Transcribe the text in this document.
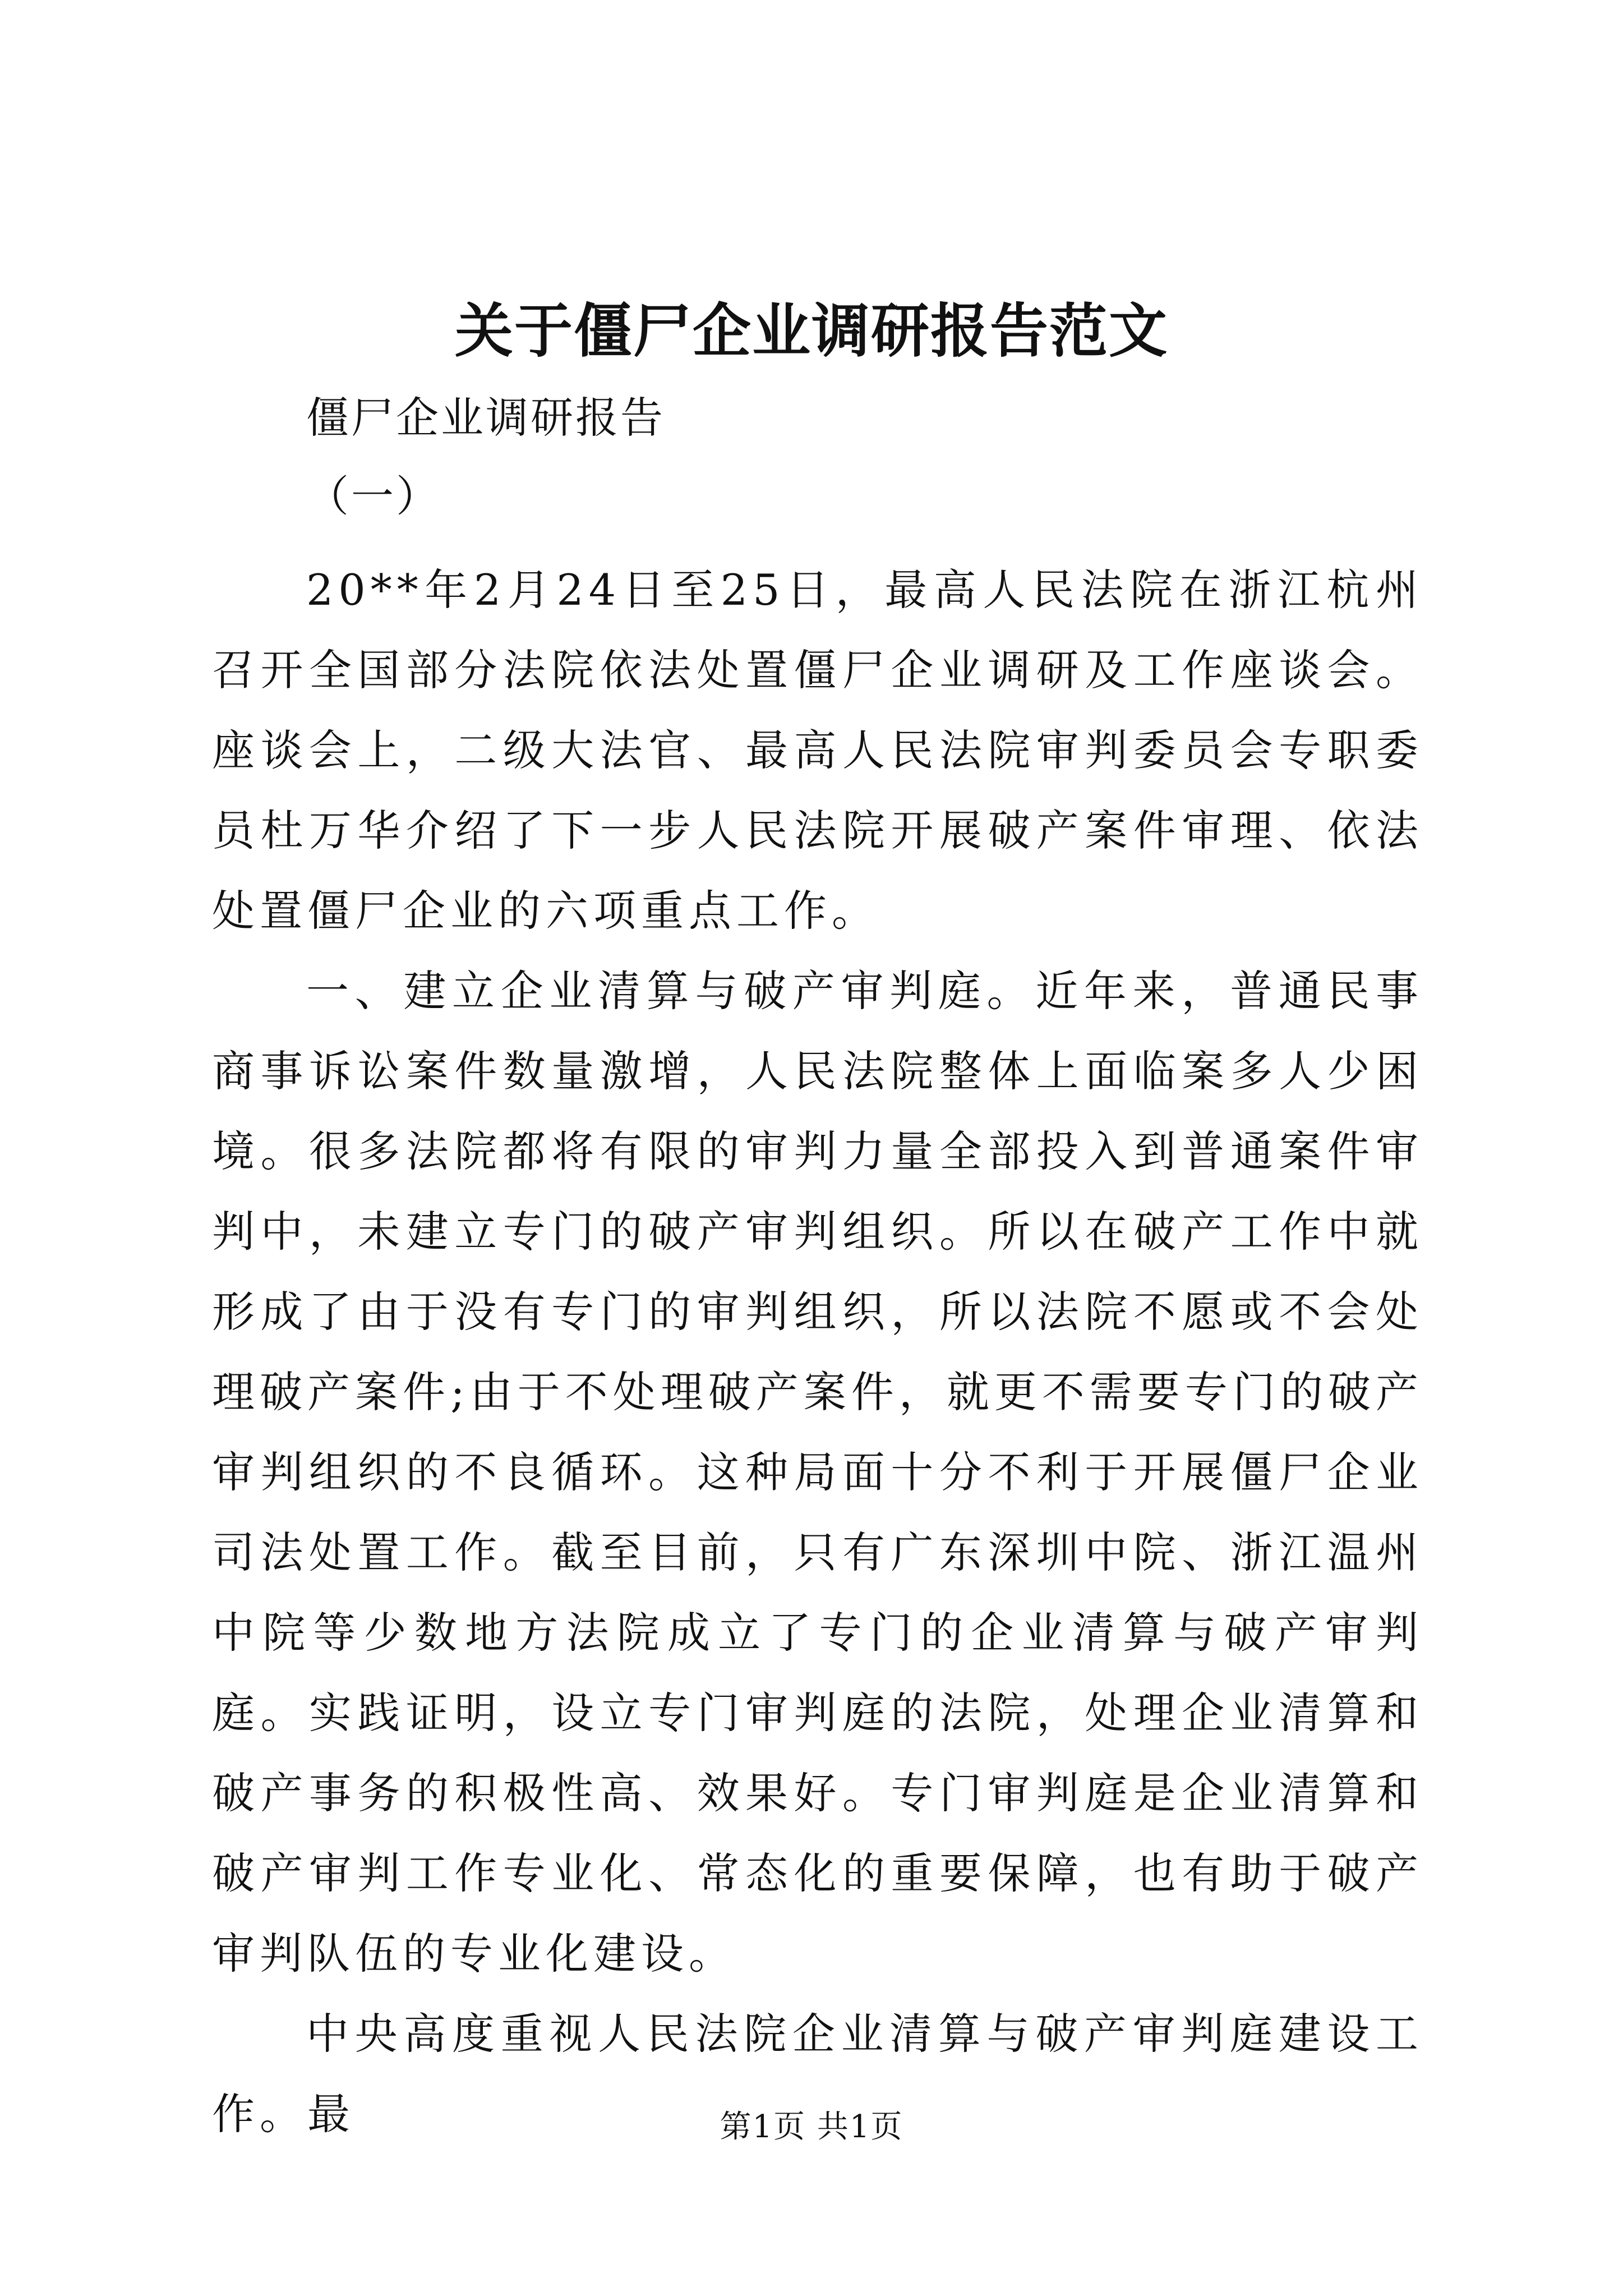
关于僵尸企业调研报告范文
僵尸企业调研报告
（一）

20**年2月24日至25日，最高人民法院在浙江杭州召开全国部分法院依法处置僵尸企业调研及工作座谈会。座谈会上，二级大法官、最高人民法院审判委员会专职委员杜万华介绍了下一步人民法院开展破产案件审理、依法处置僵尸企业的六项重点工作。

一、建立企业清算与破产审判庭。近年来，普通民事商事诉讼案件数量激增，人民法院整体上面临案多人少困境。很多法院都将有限的审判力量全部投入到普通案件审判中，未建立专门的破产审判组织。所以在破产工作中就形成了由于没有专门的审判组织，所以法院不愿或不会处理破产案件;由于不处理破产案件，就更不需要专门的破产审判组织的不良循环。这种局面十分不利于开展僵尸企业司法处置工作。截至目前，只有广东深圳中院、浙江温州中院等少数地方法院成立了专门的企业清算与破产审判庭。实践证明，设立专门审判庭的法院，处理企业清算和破产事务的积极性高、效果好。专门审判庭是企业清算和破产审判工作专业化、常态化的重要保障，也有助于破产审判队伍的专业化建设。

中央高度重视人民法院企业清算与破产审判庭建设工作。最	第1页 共1页
